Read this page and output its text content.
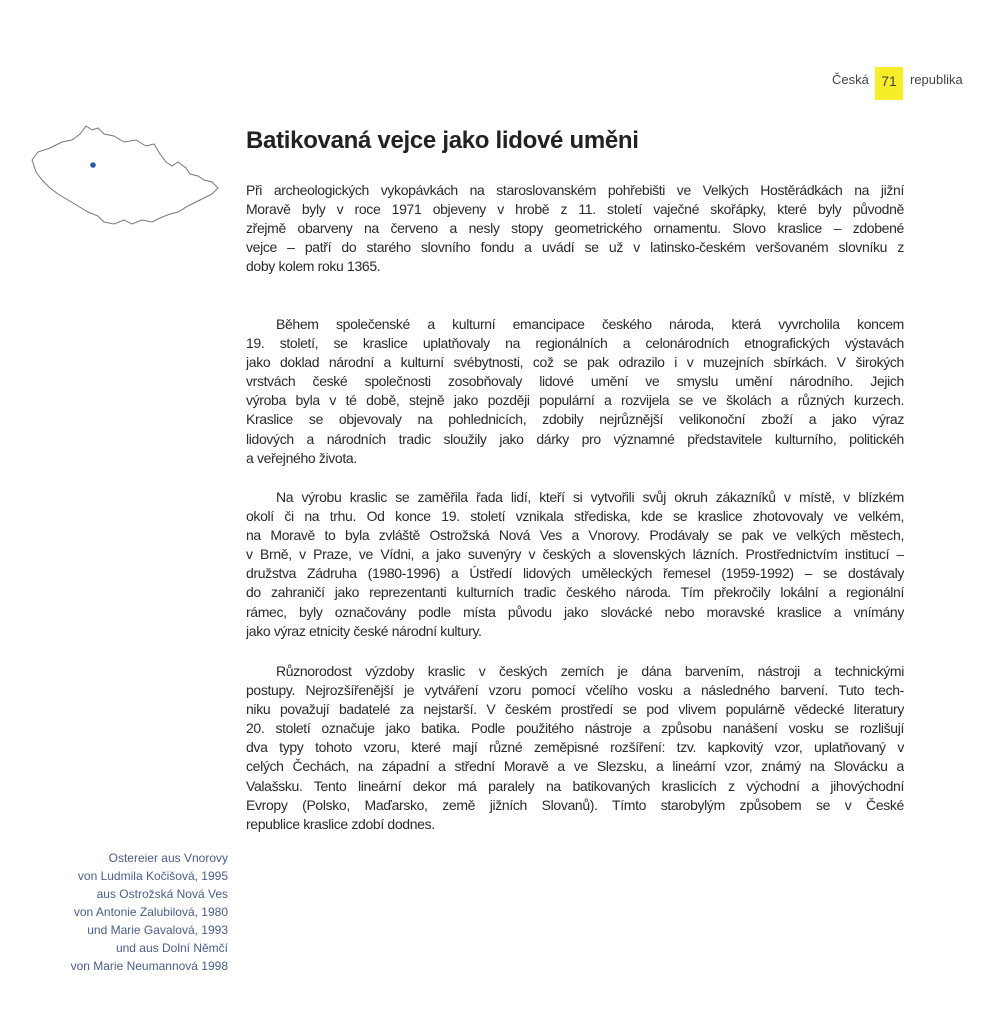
Česká 71	republika
Batikovaná vejce jako lidové uměni
Při archeologických vykopávkách na staroslovanském pohřebišti ve Velkých Hostěrádkách na jižní
Moravě byly v roce 1971 objeveny v hrobě z 11. století vaječné skořápky, které byly původně
zřejmě obarveny na červeno a nesly stopy geometrického ornamentu. Slovo kraslice – zdobené
vejce – patří do starého slovního fondu a uvádí se už v latinsko-českém veršovaném slovníku z
doby kolem roku 1365.
Během společenské a kulturní emancipace českého národa, která vyvrcholila koncem
19. století, se kraslice uplatňovaly na regionálních a celonárodních etnografických výstavách
jako doklad národní a kulturní svébytnosti, což se pak odrazilo i v muzejních sbírkách. V širokých
vrstvách české společnosti zosobňovaly lidové umění ve smyslu umění národního. Jejich
výroba byla v té době, stejně jako později populární a rozvijela se ve školách a různých kurzech.
Kraslice se objevovaly na pohlednicích, zdobily nejrůznější velikonoční zboží a jako výraz
lidových a národních tradic sloužily jako dárky pro významné představitele kulturního, politickéh
a veřejného života.
Na výrobu kraslic se zaměřila řada lidí, kteří si vytvořili svůj okruh zákazníků v místě, v blízkém
okolí či na trhu. Od konce 19. století vznikala střediska, kde se kraslice zhotovovaly ve velkém,
na Moravě to byla zvláště Ostrožská Nová Ves a Vnorovy. Prodávaly se pak ve velkých městech,
v Brně, v Praze, ve Vídni, a jako suvenýry v českých a slovenských lázních. Prostřednictvím institucí –
družstva Zádruha (1980-1996) a Ústředí lidových uměleckých řemesel (1959-1992) – se dostávaly
do zahraničí jako reprezentanti kulturních tradic českého národa. Tím překročily lokální a regionální
rámec, byly označovány podle místa původu jako slovácké nebo moravské kraslice a vnímány
jako výraz etnicity české národní kultury.
Různorodost výzdoby kraslic v českých zemích je dána barvením, nástroji a technickými
postupy. Nejrozšířenější je vytváření vzoru pomocí včelího vosku a následného barvení. Tuto tech-
niku považují badatelé za nejstarší. V českém prostředí se pod vlivem populárně vědecké literatury
20. století označuje jako batika. Podle použitého nástroje a způsobu nanášení vosku se rozlišují
dva typy tohoto vzoru, které mají různé zeměpisné rozšíření: tzv. kapkovitý vzor, uplatňovaný v
celých Čechách, na západní a střední Moravě a ve Slezsku, a lineární vzor, známý na Slovácku a
Valašsku. Tento lineární dekor má paralely na batikovaných kraslicích z východní a jihovýchodní
Evropy (Polsko, Maďarsko, země jižních Slovanů). Tímto starobylým způsobem se v České
republice kraslice zdobí dodnes.
Ostereier aus Vnorovy
von Ludmila Kočišová, 1995
aus Ostrožská Nová Ves
von Antonie Zalubilová, 1980
und Marie Gavalová, 1993
und aus Dolní Němčí
von Marie Neumannová 1998
